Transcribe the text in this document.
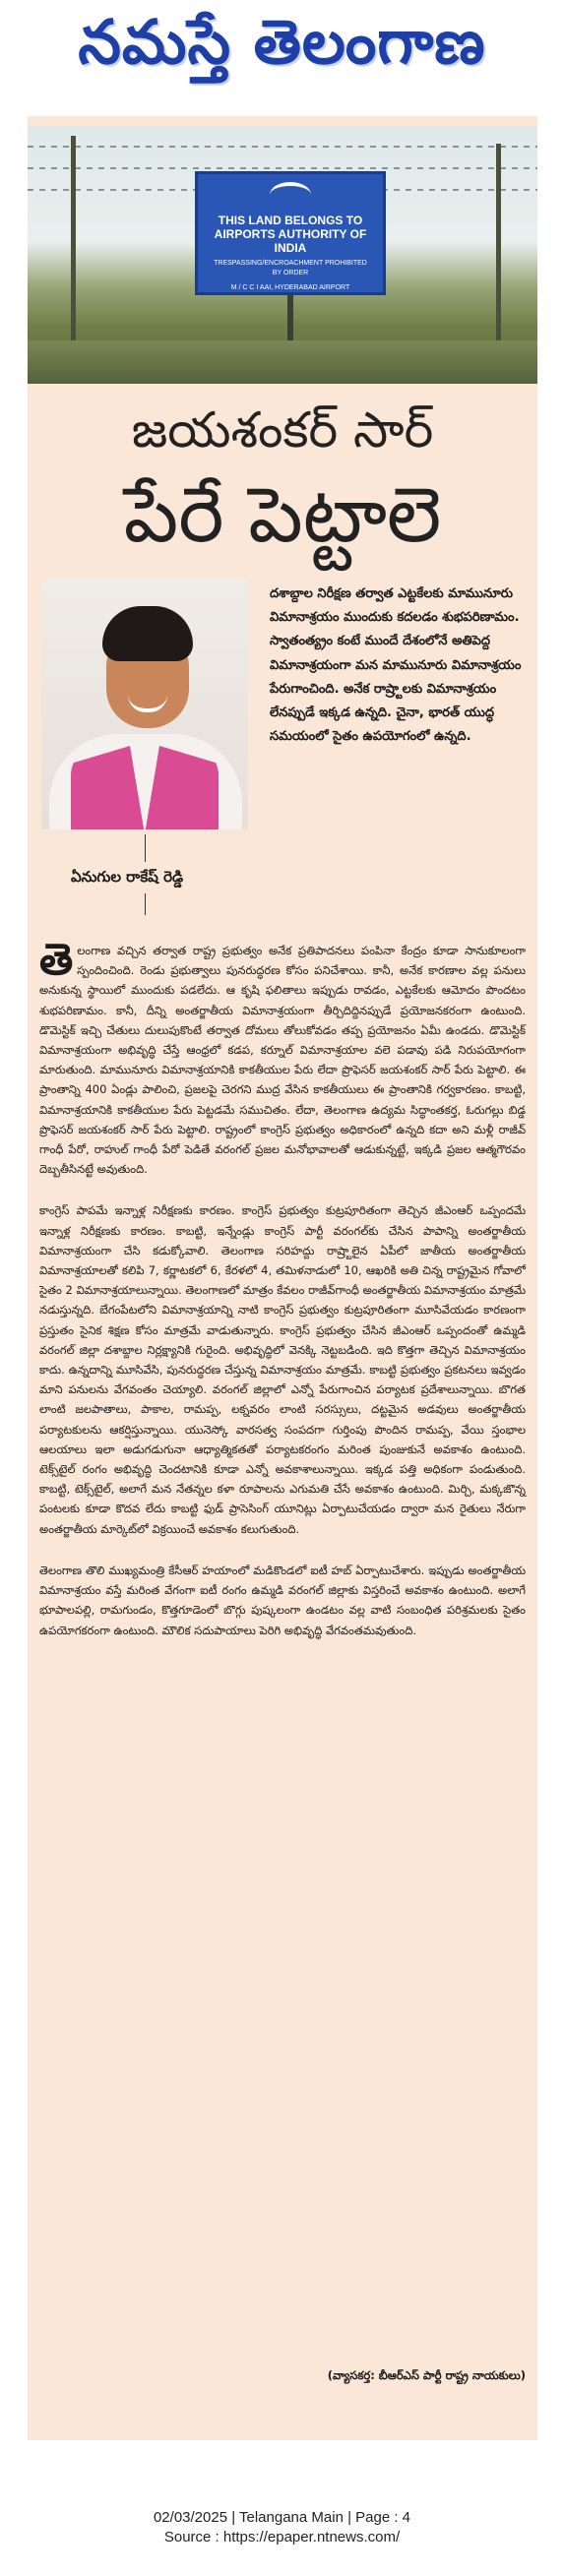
నమస్తే తెలంగాణ
THIS LAND BELONGS TO
AIRPORTS AUTHORITY OF INDIA
TRESPASSING/ENCROACHMENT PROHIBITED
BY ORDER
M / C C I AAI, HYDERABAD AIRPORT
జయశంకర్ సార్
పేరే పెట్టాలె
ఏనుగుల రాకేష్ రెడ్డి

దశాబ్దాల నిరీక్షణ తర్వాత ఎట్టకేలకు మామునూరు విమానాశ్రయం ముందుకు కదలడం శుభపరిణామం. స్వాతంత్య్రం కంటే ముందే దేశంలోనే అతిపెద్ద విమానాశ్రయంగా మన మామునూరు విమానాశ్రయం పేరుగాంచింది. అనేక రాష్ర్టాలకు విమానాశ్రయం లేనప్పుడే ఇక్కడ ఉన్నది. చైనా, భారత్ యుద్ధ సమయంలో సైతం ఉపయోగంలో ఉన్నది.

తెలంగాణ వచ్చిన తర్వాత రాష్ట్ర ప్రభుత్వం అనేక ప్రతిపాదనలు పంపినా కేంద్రం కూడా సానుకూలంగా స్పందించింది. రెండు ప్రభుత్వాలు పునరుద్ధరణ కోసం పనిచేశాయి. కానీ, అనేక కారణాల వల్ల పనులు అనుకున్న స్థాయిలో ముందుకు పడలేదు. ఆ కృషి ఫలితాలు ఇప్పుడు రావడం, ఎట్టకేలకు ఆమోదం పొందటం శుభపరిణామం. కానీ, దీన్ని అంతర్జాతీయ విమానాశ్రయంగా తీర్చిదిద్దినప్పుడే ప్రయోజనకరంగా ఉంటుంది. డొమెస్టిక్ ఇచ్చి చేతులు దులుపుకొంటే తర్వాత దోమలు తోలుకోవడం తప్ప ప్రయోజనం ఏమీ ఉండదు. డొమెస్టిక్ విమానాశ్రయంగా అభివృద్ధి చేస్తే ఆంధ్రలో కడప, కర్నూల్ విమానాశ్రయాల వలె పడావు పడి నిరుపయోగంగా మారుతుంది. మామునూరు విమానాశ్రయానికి కాకతీయుల పేరు లేదా ప్రొఫెసర్ జయశంకర్ సార్ పేరు పెట్టాలి. ఈ ప్రాంతాన్ని 400 ఏండ్లు పాలించి, ప్రజలపై చెరగని ముద్ర వేసిన కాకతీయులు ఈ ప్రాంతానికి గర్వకారణం. కాబట్టి, విమానాశ్రయానికి కాకతీయుల పేరు పెట్టడమే సముచితం. లేదా, తెలంగాణ ఉద్యమ సిద్ధాంతకర్త, ఓరుగల్లు బిడ్డ ప్రొఫెసర్ జయశంకర్ సార్ పేరు పెట్టాలి. రాష్ట్రంలో కాంగ్రెస్ ప్రభుత్వం అధికారంలో ఉన్నది కదా అని మళ్లీ రాజీవ్ గాంధీ పేరో, రాహుల్ గాంధీ పేరో పెడితే వరంగల్ ప్రజల మనోభావాలతో ఆడుకున్నట్టే, ఇక్కడి ప్రజల ఆత్మగౌరవం దెబ్బతీసినట్టే అవుతుంది.

కాంగ్రెస్ పాపమే ఇన్నాళ్ల నిరీక్షణకు కారణం. కాంగ్రెస్ ప్రభుత్వం కుట్రపూరితంగా తెచ్చిన జీఎంఆర్ ఒప్పందమే ఇన్నాళ్ల నిరీక్షణకు కారణం. కాబట్టి, ఇన్నేండ్లు కాంగ్రెస్ పార్టీ వరంగల్‌కు చేసిన పాపాన్ని అంతర్జాతీయ విమానాశ్రయంగా చేసి కడుక్కోవాలి. తెలంగాణ సరిహద్దు రాష్ర్టాలైన ఏపీలో జాతీయ అంతర్జాతీయ విమానాశ్రయాలతో కలిపి 7, కర్ణాటకలో 6, కేరళలో 4, తమిళనాడులో 10, ఆఖరికి అతి చిన్న రాష్ట్రమైన గోవాలో సైతం 2 విమానాశ్రయాలున్నాయి. తెలంగాణలో మాత్రం కేవలం రాజీవ్‌గాంధీ అంతర్జాతీయ విమానాశ్రయం మాత్రమే నడుస్తున్నది. బేగంపేటలోని విమానాశ్రయాన్ని నాటి కాంగ్రెస్ ప్రభుత్వం కుట్రపూరితంగా మూసివేయడం కారణంగా ప్రస్తుతం సైనిక శిక్షణ కోసం మాత్రమే వాడుతున్నారు. కాంగ్రెస్ ప్రభుత్వం చేసిన జీఎంఆర్ ఒప్పందంతో ఉమ్మడి వరంగల్ జిల్లా దశాబ్దాల నిర్లక్ష్యానికి గురైంది. అభివృద్ధిలో వెనక్కి నెట్టబడింది. ఇది కొత్తగా తెచ్చిన విమానాశ్రయం కాదు. ఉన్నదాన్ని మూసివేసి, పునరుద్ధరణ చేస్తున్న విమానాశ్రయం మాత్రమే. కాబట్టి ప్రభుత్వం ప్రకటనలు ఇవ్వడం మాని పనులను వేగవంతం చెయ్యాలి. వరంగల్ జిల్లాలో ఎన్నో పేరుగాంచిన పర్యాటక ప్రదేశాలున్నాయి. బొగత లాంటి జలపాతాలు, పాకాల, రామప్ప, లక్నవరం లాంటి సరస్సులు, దట్టమైన అడవులు అంతర్జాతీయ పర్యాటకులను ఆకర్షిస్తున్నాయి. యునెస్కో వారసత్వ సంపదగా గుర్తింపు పొందిన రామప్ప, వేయి స్తంభాల ఆలయాలు ఇలా అడుగడుగునా ఆధ్యాత్మికతతో పర్యాటకరంగం మరింత పుంజుకునే అవకాశం ఉంటుంది. టెక్స్‌టైల్ రంగం అభివృద్ధి చెందటానికి కూడా ఎన్నో అవకాశాలున్నాయి. ఇక్కడ పత్తి అధికంగా పండుతుంది. కాబట్టి, టెక్స్‌టైల్, అలాగే మన నేతన్నల కళా రూపాలను ఎగుమతి చేసే అవకాశం ఉంటుంది. మిర్చి, మక్కజొన్న పంటలకు కూడా కొదవ లేదు కాబట్టి ఫుడ్ ప్రాసెసింగ్ యూనిట్లు ఏర్పాటుచేయడం ద్వారా మన రైతులు నేరుగా అంతర్జాతీయ మార్కెట్‌లో విక్రయించే అవకాశం కలుగుతుంది.

తెలంగాణ తొలి ముఖ్యమంత్రి కేసీఆర్ హయాంలో మడికొండలో ఐటీ హబ్ ఏర్పాటుచేశారు. ఇప్పుడు అంతర్జాతీయ విమానాశ్రయం వస్తే మరింత వేగంగా ఐటీ రంగం ఉమ్మడి వరంగల్ జిల్లాకు విస్తరించే అవకాశం ఉంటుంది. అలాగే భూపాలపల్లి, రామగుండం, కొత్తగూడెంలో బొగ్గు పుష్కలంగా ఉండటం వల్ల వాటి సంబంధిత పరిశ్రమలకు సైతం ఉపయోగకరంగా ఉంటుంది. మౌలిక సదుపాయాలు పెరిగి అభివృద్ధి వేగవంతమవుతుంది.

(వ్యాసకర్త: బీఆర్ఎస్ పార్టీ రాష్ట్ర నాయకులు)
02/03/2025 | Telangana Main | Page : 4
Source : https://epaper.ntnews.com/
